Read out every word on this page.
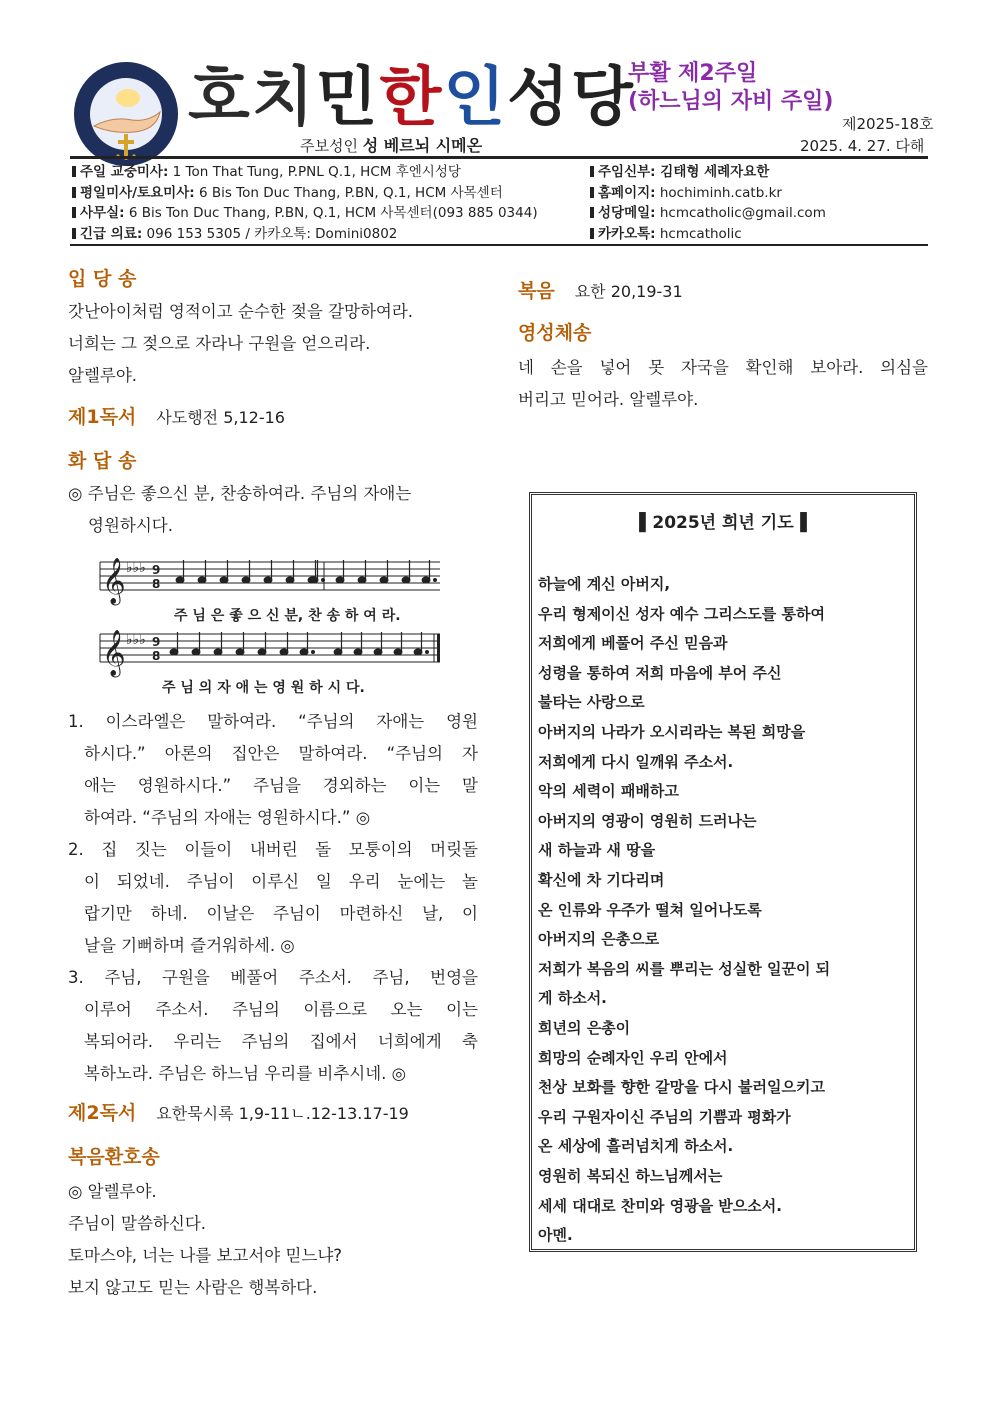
호치민한인성당
부활 제2주일
(하느님의 자비 주일)
제2025-18호
주보성인 성 베르뇌 시메온	2025. 4. 27. 다해
주일 교중미사: 1 Ton That Tung, P.PNL Q.1, HCM 후엔시성당
평일미사/토요미사: 6 Bis Ton Duc Thang, P.BN, Q.1, HCM 사목센터
사무실: 6 Bis Ton Duc Thang, P.BN, Q.1, HCM 사목센터(093 885 0344)
긴급 의료: 096 153 5305 / 카카오톡: Domini0802
주임신부: 김태형 세례자요한
홈페이지: hochiminh.catb.kr
성당메일: hcmcatholic@gmail.com
카카오톡: hcmcatholic
입 당 송
갓난아이처럼 영적이고 순수한 젖을 갈망하여라.
너희는 그 젖으로 자라나 구원을 얻으리라.
알렐루야.
제1독서 사도행전 5,12-16
화 답 송
◎ 주님은 좋으신 분, 찬송하여라. 주님의 자애는
영원하시다.
𝄞
𝄞
♭♭♭
♭♭♭
9
8
9
8
주 님 은 좋 으 신 분, 찬 송 하 여 라.
주 님 의 자 애 는 영 원 하 시 다.
1. 이스라엘은 말하여라. “주님의 자애는 영원
하시다.” 아론의 집안은 말하여라. “주님의 자
애는 영원하시다.” 주님을 경외하는 이는 말
하여라. “주님의 자애는 영원하시다.” ◎
2. 집 짓는 이들이 내버린 돌 모퉁이의 머릿돌
이 되었네. 주님이 이루신 일 우리 눈에는 놀
랍기만 하네. 이날은 주님이 마련하신 날, 이
날을 기뻐하며 즐거워하세. ◎
3. 주님, 구원을 베풀어 주소서. 주님, 번영을
이루어 주소서. 주님의 이름으로 오는 이는
복되어라. 우리는 주님의 집에서 너희에게 축
복하노라. 주님은 하느님 우리를 비추시네. ◎
제2독서 요한묵시록 1,9-11ㄴ.12-13.17-19
복음환호송
◎ 알렐루야.
주님이 말씀하신다.
토마스야, 너는 나를 보고서야 믿느냐?
보지 않고도 믿는 사람은 행복하다.
복음 요한 20,19-31
영성체송
네 손을 넣어 못 자국을 확인해 보아라. 의심을
버리고 믿어라. 알렐루야.
▌2025년 희년 기도▐
하늘에 계신 아버지,
우리 형제이신 성자 예수 그리스도를 통하여
저희에게 베풀어 주신 믿음과
성령을 통하여 저희 마음에 부어 주신
불타는 사랑으로
아버지의 나라가 오시리라는 복된 희망을
저희에게 다시 일깨워 주소서.
악의 세력이 패배하고
아버지의 영광이 영원히 드러나는
새 하늘과 새 땅을
확신에 차 기다리며
온 인류와 우주가 떨쳐 일어나도록
아버지의 은총으로
저희가 복음의 씨를 뿌리는 성실한 일꾼이 되
게 하소서.
희년의 은총이
희망의 순례자인 우리 안에서
천상 보화를 향한 갈망을 다시 불러일으키고
우리 구원자이신 주님의 기쁨과 평화가
온 세상에 흘러넘치게 하소서.
영원히 복되신 하느님께서는
세세 대대로 찬미와 영광을 받으소서.
아멘.
